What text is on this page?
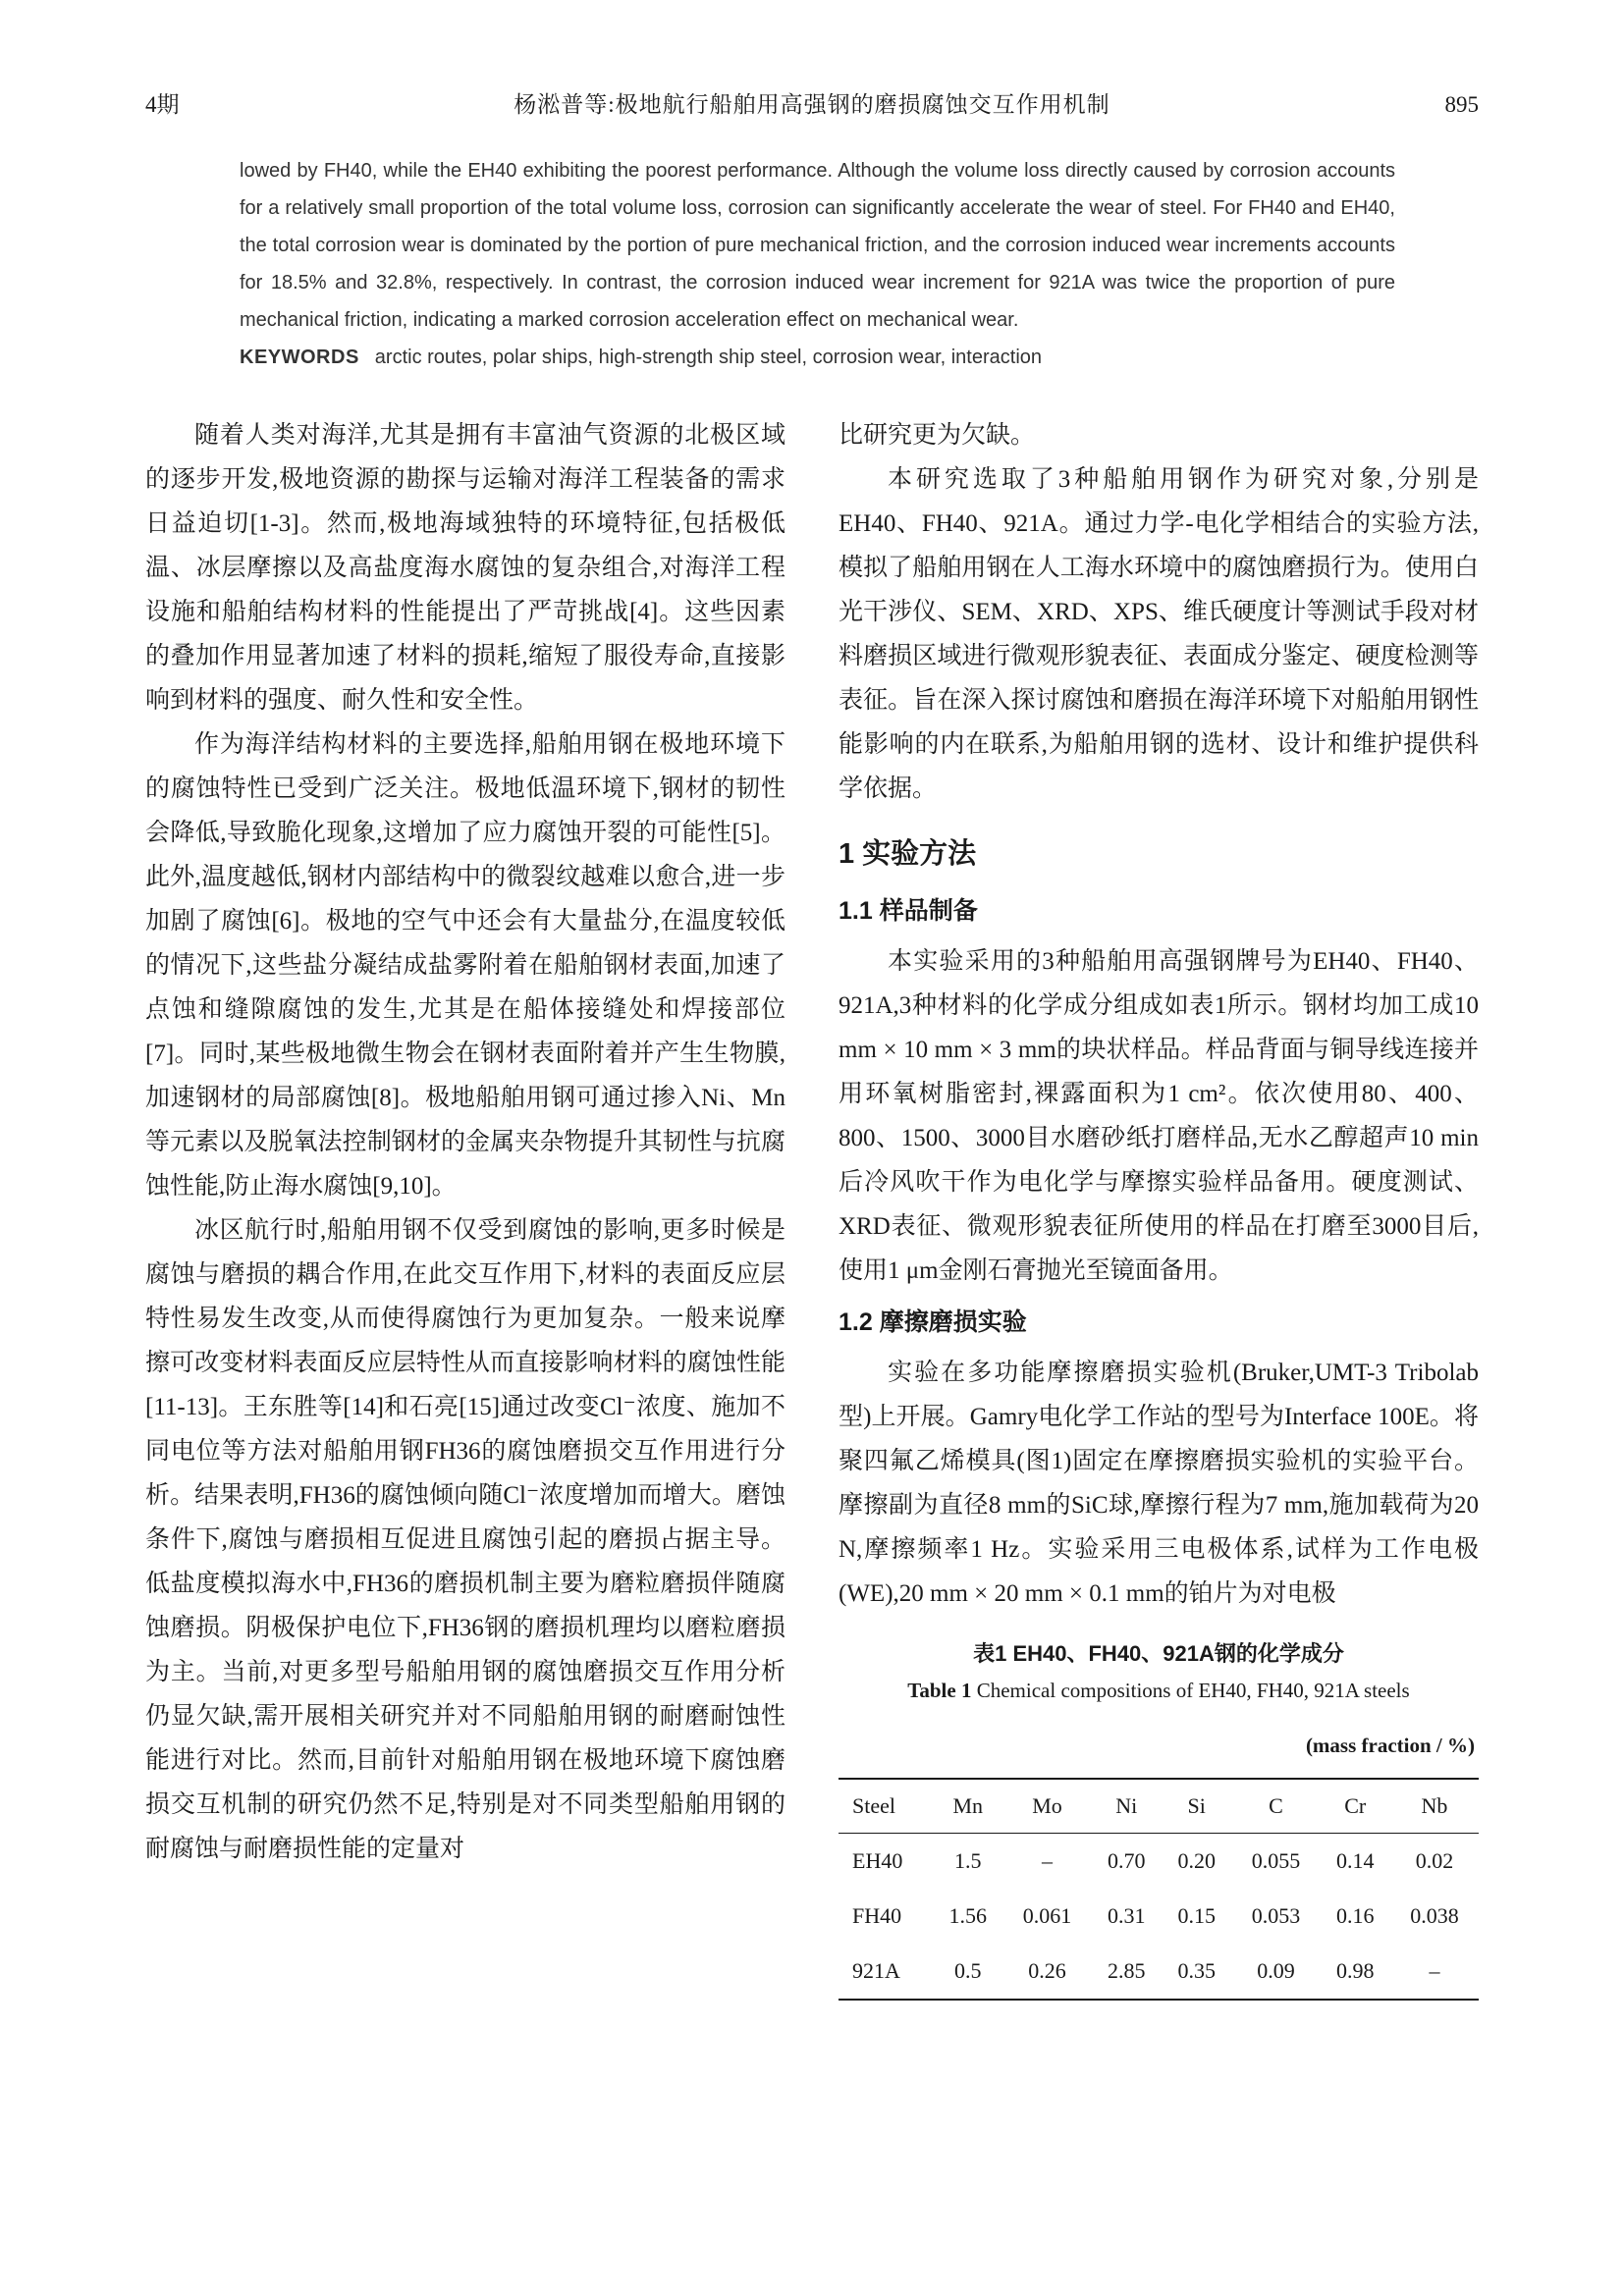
4期	杨淞普等:极地航行船舶用高强钢的磨损腐蚀交互作用机制	895

lowed by FH40, while the EH40 exhibiting the poorest performance. Although the volume loss directly caused by corrosion accounts for a relatively small proportion of the total volume loss, corrosion can significantly accelerate the wear of steel. For FH40 and EH40, the total corrosion wear is dominated by the portion of pure mechanical friction, and the corrosion induced wear increments accounts for 18.5% and 32.8%, respectively. In contrast, the corrosion induced wear increment for 921A was twice the proportion of pure mechanical friction, indicating a marked corrosion acceleration effect on mechanical wear.

KEYWORDS arctic routes, polar ships, high-strength ship steel, corrosion wear, interaction

随着人类对海洋,尤其是拥有丰富油气资源的北极区域的逐步开发,极地资源的勘探与运输对海洋工程装备的需求日益迫切[1-3]。然而,极地海域独特的环境特征,包括极低温、冰层摩擦以及高盐度海水腐蚀的复杂组合,对海洋工程设施和船舶结构材料的性能提出了严苛挑战[4]。这些因素的叠加作用显著加速了材料的损耗,缩短了服役寿命,直接影响到材料的强度、耐久性和安全性。

作为海洋结构材料的主要选择,船舶用钢在极地环境下的腐蚀特性已受到广泛关注。极地低温环境下,钢材的韧性会降低,导致脆化现象,这增加了应力腐蚀开裂的可能性[5]。此外,温度越低,钢材内部结构中的微裂纹越难以愈合,进一步加剧了腐蚀[6]。极地的空气中还会有大量盐分,在温度较低的情况下,这些盐分凝结成盐雾附着在船舶钢材表面,加速了点蚀和缝隙腐蚀的发生,尤其是在船体接缝处和焊接部位[7]。同时,某些极地微生物会在钢材表面附着并产生生物膜,加速钢材的局部腐蚀[8]。极地船舶用钢可通过掺入Ni、Mn等元素以及脱氧法控制钢材的金属夹杂物提升其韧性与抗腐蚀性能,防止海水腐蚀[9,10]。

冰区航行时,船舶用钢不仅受到腐蚀的影响,更多时候是腐蚀与磨损的耦合作用,在此交互作用下,材料的表面反应层特性易发生改变,从而使得腐蚀行为更加复杂。一般来说摩擦可改变材料表面反应层特性从而直接影响材料的腐蚀性能[11-13]。王东胜等[14]和石亮[15]通过改变Cl⁻浓度、施加不同电位等方法对船舶用钢FH36的腐蚀磨损交互作用进行分析。结果表明,FH36的腐蚀倾向随Cl⁻浓度增加而增大。磨蚀条件下,腐蚀与磨损相互促进且腐蚀引起的磨损占据主导。低盐度模拟海水中,FH36的磨损机制主要为磨粒磨损伴随腐蚀磨损。阴极保护电位下,FH36钢的磨损机理均以磨粒磨损为主。当前,对更多型号船舶用钢的腐蚀磨损交互作用分析仍显欠缺,需开展相关研究并对不同船舶用钢的耐磨耐蚀性能进行对比。然而,目前针对船舶用钢在极地环境下腐蚀磨损交互机制的研究仍然不足,特别是对不同类型船舶用钢的耐腐蚀与耐磨损性能的定量对

比研究更为欠缺。

本研究选取了3种船舶用钢作为研究对象,分别是EH40、FH40、921A。通过力学-电化学相结合的实验方法,模拟了船舶用钢在人工海水环境中的腐蚀磨损行为。使用白光干涉仪、SEM、XRD、XPS、维氏硬度计等测试手段对材料磨损区域进行微观形貌表征、表面成分鉴定、硬度检测等表征。旨在深入探讨腐蚀和磨损在海洋环境下对船舶用钢性能影响的内在联系,为船舶用钢的选材、设计和维护提供科学依据。

1 实验方法
1.1 样品制备

本实验采用的3种船舶用高强钢牌号为EH40、FH40、921A,3种材料的化学成分组成如表1所示。钢材均加工成10 mm × 10 mm × 3 mm的块状样品。样品背面与铜导线连接并用环氧树脂密封,裸露面积为1 cm²。依次使用80、400、800、1500、3000目水磨砂纸打磨样品,无水乙醇超声10 min后冷风吹干作为电化学与摩擦实验样品备用。硬度测试、XRD表征、微观形貌表征所使用的样品在打磨至3000目后,使用1 μm金刚石膏抛光至镜面备用。

1.2 摩擦磨损实验

实验在多功能摩擦磨损实验机(Bruker,UMT-3 Tribolab型)上开展。Gamry电化学工作站的型号为Interface 100E。将聚四氟乙烯模具(图1)固定在摩擦磨损实验机的实验平台。摩擦副为直径8 mm的SiC球,摩擦行程为7 mm,施加载荷为20 N,摩擦频率1 Hz。实验采用三电极体系,试样为工作电极(WE),20 mm × 20 mm × 0.1 mm的铂片为对电极

表1 EH40、FH40、921A钢的化学成分
Table 1 Chemical compositions of EH40, FH40, 921A steels
(mass fraction / %)
Steel	Mn	Mo	Ni	Si	C	Cr	Nb
EH40	1.5	–	0.70	0.20	0.055	0.14	0.02
FH40	1.56	0.061	0.31	0.15	0.053	0.16	0.038
921A	0.5	0.26	2.85	0.35	0.09	0.98	–
